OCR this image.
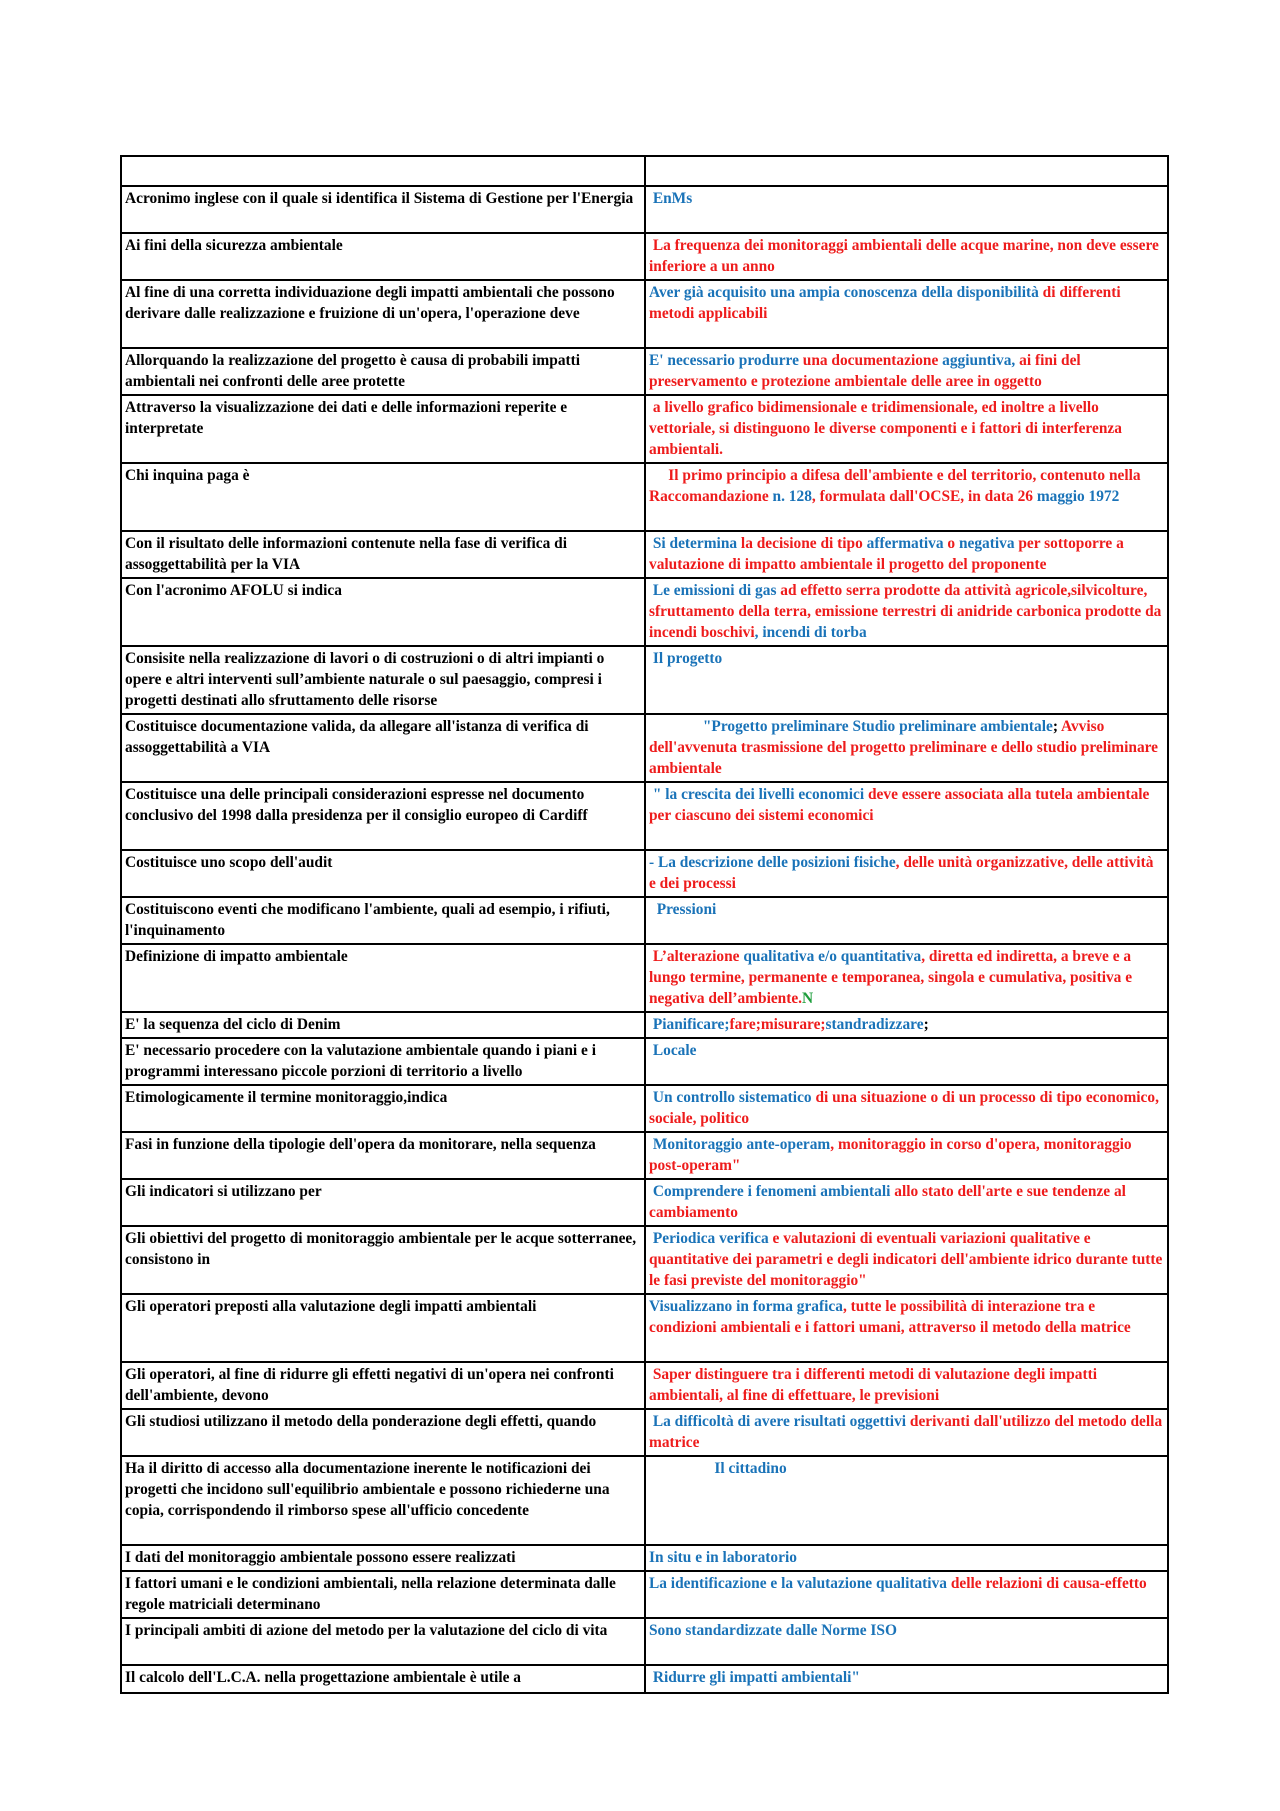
Acronimo inglese con il quale si identifica il Sistema di Gestione per l'Energia	EnMs
Ai fini della sicurezza ambientale	La frequenza dei monitoraggi ambientali delle acque marine, non deve essere inferiore a un anno
Al fine di una corretta individuazione degli impatti ambientali che possono derivare dalle realizzazione e fruizione di un'opera, l'operazione deve	Aver già acquisito una ampia conoscenza della disponibilità di differenti metodi applicabili
Allorquando la realizzazione del progetto è causa di probabili impatti ambientali nei confronti delle aree protette	E' necessario produrre una documentazione aggiuntiva, ai fini del preservamento e protezione ambientale delle aree in oggetto
Attraverso la visualizzazione dei dati e delle informazioni reperite e interpretate	a livello grafico bidimensionale e tridimensionale, ed inoltre a livello vettoriale, si distinguono le diverse componenti e i fattori di interferenza ambientali.
Chi inquina paga è	Il primo principio a difesa dell'ambiente e del territorio, contenuto nella Raccomandazione n. 128, formulata dall'OCSE, in data 26 maggio 1972
Con il risultato delle informazioni contenute nella fase di verifica di assoggettabilità per la VIA	Si determina la decisione di tipo affermativa o negativa per sottoporre a valutazione di impatto ambientale il progetto del proponente
Con l'acronimo AFOLU si indica	Le emissioni di gas ad effetto serra prodotte da attività agricole,silvicolture, sfruttamento della terra, emissione terrestri di anidride carbonica prodotte da incendi boschivi, incendi di torba
Consisite nella realizzazione di lavori o di costruzioni o di altri impianti o opere e altri interventi sull’ambiente naturale o sul paesaggio, compresi i progetti destinati allo sfruttamento delle risorse	Il progetto
Costituisce documentazione valida, da allegare all'istanza di verifica di assoggettabilità a VIA	"Progetto preliminare Studio preliminare ambientale; Avviso dell'avvenuta trasmissione del progetto preliminare e dello studio preliminare ambientale
Costituisce una delle principali considerazioni espresse nel documento conclusivo del 1998 dalla presidenza per il consiglio europeo di Cardiff	" la crescita dei livelli economici deve essere associata alla tutela ambientale per ciascuno dei sistemi economici
Costituisce uno scopo dell'audit	- La descrizione delle posizioni fisiche, delle unità organizzative, delle attività e dei processi
Costituiscono eventi che modificano l'ambiente, quali ad esempio, i rifiuti, l'inquinamento	Pressioni
Definizione di impatto ambientale	L’alterazione qualitativa e/o quantitativa, diretta ed indiretta, a breve e a lungo termine, permanente e temporanea, singola e cumulativa, positiva e negativa dell’ambiente.N
E' la sequenza del ciclo di Denim	Pianificare;fare;misurare;standradizzare;
E' necessario procedere con la valutazione ambientale quando i piani e i programmi interessano piccole porzioni di territorio a livello	Locale
Etimologicamente il termine monitoraggio,indica	Un controllo sistematico di una situazione o di un processo di tipo economico, sociale, politico
Fasi in funzione della tipologie dell'opera da monitorare, nella sequenza	Monitoraggio ante-operam, monitoraggio in corso d'opera, monitoraggio post-operam"
Gli indicatori si utilizzano per	Comprendere i fenomeni ambientali allo stato dell'arte e sue tendenze al cambiamento
Gli obiettivi del progetto di monitoraggio ambientale per le acque sotterranee, consistono in	Periodica verifica e valutazioni di eventuali variazioni qualitative e quantitative dei parametri e degli indicatori dell'ambiente idrico durante tutte le fasi previste del monitoraggio"
Gli operatori preposti alla valutazione degli impatti ambientali	Visualizzano in forma grafica, tutte le possibilità di interazione tra e condizioni ambientali e i fattori umani, attraverso il metodo della matrice
Gli operatori, al fine di ridurre gli effetti negativi di un'opera nei confronti dell'ambiente, devono	Saper distinguere tra i differenti metodi di valutazione degli impatti ambientali, al fine di effettuare, le previsioni
Gli studiosi utilizzano il metodo della ponderazione degli effetti, quando	La difficoltà di avere risultati oggettivi derivanti dall'utilizzo del metodo della matrice
Ha il diritto di accesso alla documentazione inerente le notificazioni dei progetti che incidono sull'equilibrio ambientale e possono richiederne una copia, corrispondendo il rimborso spese all'ufficio concedente	Il cittadino
I dati del monitoraggio ambientale possono essere realizzati	In situ e in laboratorio
I fattori umani e le condizioni ambientali, nella relazione determinata dalle regole matriciali determinano	La identificazione e la valutazione qualitativa delle relazioni di causa-effetto
I principali ambiti di azione del metodo per la valutazione del ciclo di vita	Sono standardizzate dalle Norme ISO
Il calcolo dell'L.C.A. nella progettazione ambientale è utile a	Ridurre gli impatti ambientali"
